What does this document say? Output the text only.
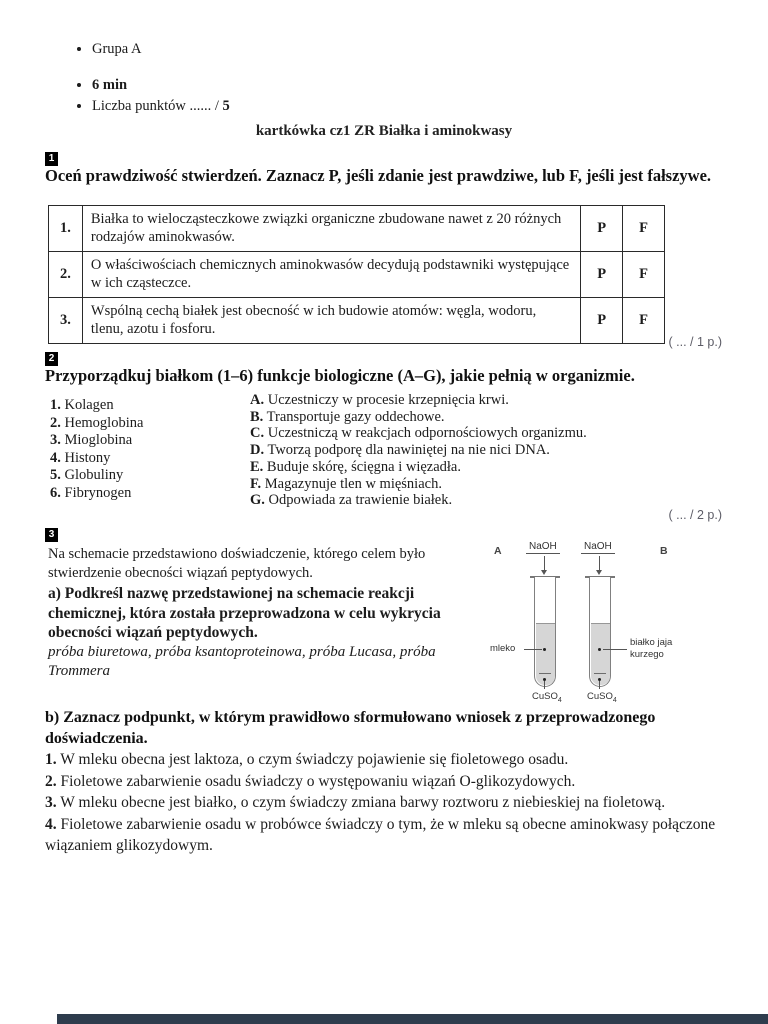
• Grupa A
• 6 min
• Liczba punktów ...... / 5
kartkówka cz1 ZR Białka i aminokwasy
1
Oceń prawdziwość stwierdzeń. Zaznacz P, jeśli zdanie jest prawdziwe, lub F, jeśli jest fałszywe.
1.	Białka to wielocząsteczkowe związki organiczne zbudowane nawet z 20 różnych rodzajów aminokwasów.	P	F
2.	O właściwościach chemicznych aminokwasów decydują podstawniki występujące w ich cząsteczce.	P	F
3.	Wspólną cechą białek jest obecność w ich budowie atomów: węgla, wodoru, tlenu, azotu i fosforu.	P	F
( ... / 1 p.)
2
Przyporządkuj białkom (1–6) funkcje biologiczne (A–G), jakie pełnią w organizmie.
1. Kolagen
2. Hemoglobina
3. Mioglobina
4. Histony
5. Globuliny
6. Fibrynogen
A. Uczestniczy w procesie krzepnięcia krwi.
B. Transportuje gazy oddechowe.
C. Uczestniczą w reakcjach odpornościowych organizmu.
D. Tworzą podporę dla nawiniętej na nie nici DNA.
E. Buduje skórę, ścięgna i więzadła.
F. Magazynuje tlen w mięśniach.
G. Odpowiada za trawienie białek.
( ... / 2 p.)
3

Na schemacie przedstawiono doświadczenie, którego celem było stwierdzenie obecności wiązań peptydowych.

a) Podkreśl nazwę przedstawionej na schemacie reakcji chemicznej, która została przeprowadzona w celu wykrycia obecności wiązań peptydowych.

próba biuretowa, próba ksantoproteinowa, próba Lucasa, próba Trommera

A	B
NaOH	NaOH
mleko
CuSO$_4$
białko jaja
kurzego
CuSO$_4$
b) Zaznacz podpunkt, w którym prawidłowo sformułowano wniosek z przeprowadzonego doświadczenia.

1. W mleku obecna jest laktoza, o czym świadczy pojawienie się fioletowego osadu.

2. Fioletowe zabarwienie osadu świadczy o występowaniu wiązań O-glikozydowych.

3. W mleku obecne jest białko, o czym świadczy zmiana barwy roztworu z niebieskiej na fioletową.

4. Fioletowe zabarwienie osadu w probówce świadczy o tym, że w mleku są obecne aminokwasy połączone wiązaniem glikozydowym.
